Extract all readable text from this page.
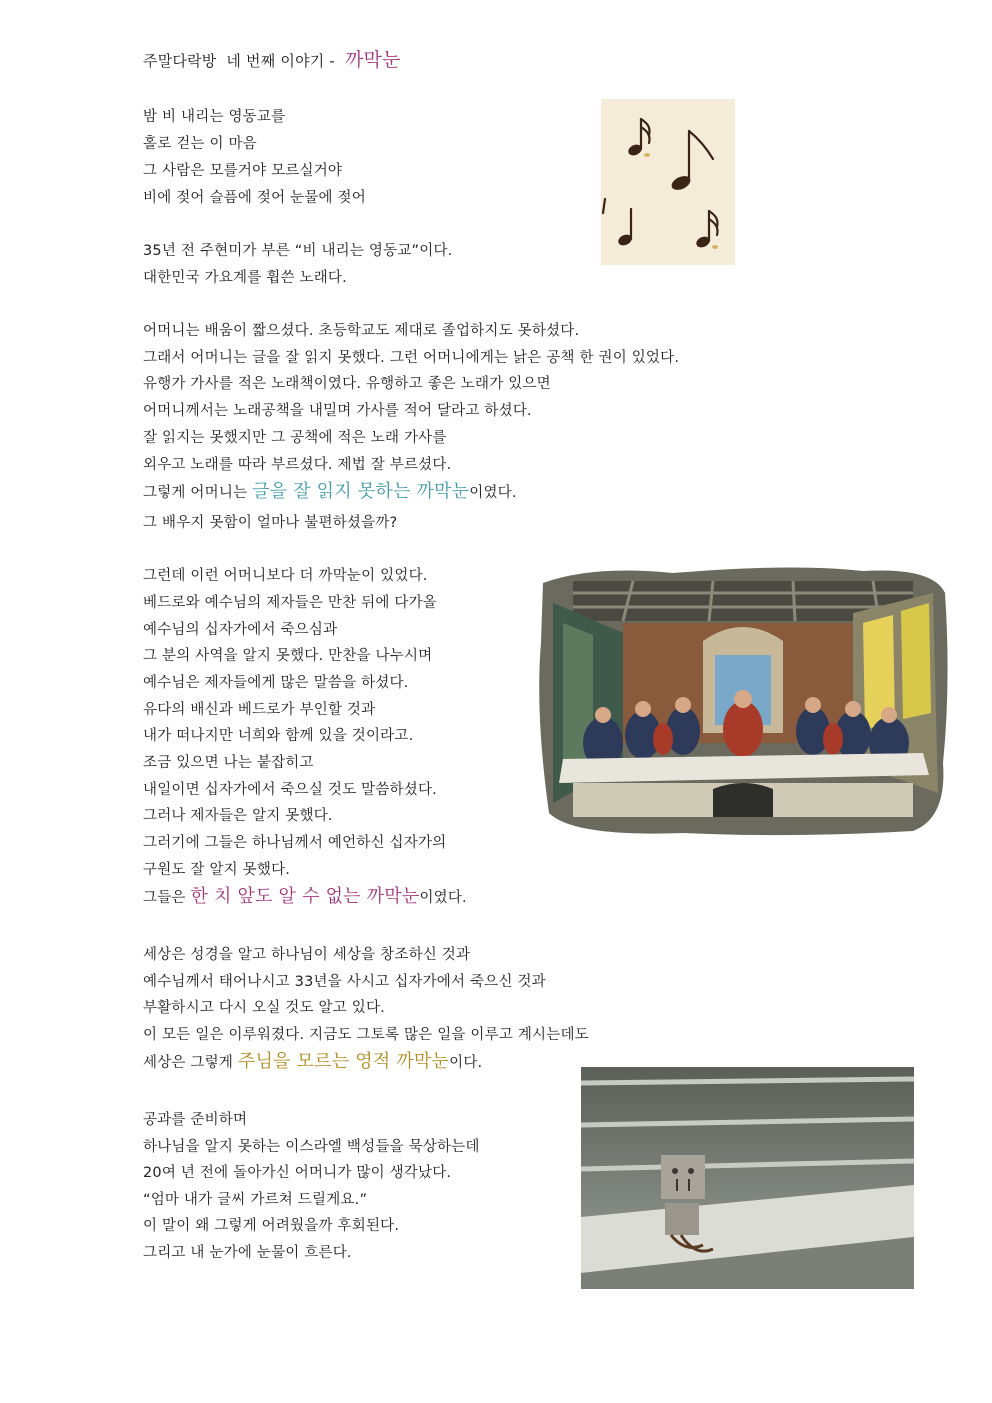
주말다락방  네 번째 이야기 -  까막눈
밤 비 내리는 영동교를
홀로 걷는 이 마음
그 사람은 모를거야 모르실거야
비에 젖어 슬픔에 젖어 눈물에 젖어
35년 전 주현미가 부른 “비 내리는 영동교”이다.
대한민국 가요계를 휩쓴 노래다.
어머니는 배움이 짧으셨다. 초등학교도 제대로 졸업하지도 못하셨다.
그래서 어머니는 글을 잘 읽지 못했다. 그런 어머니에게는 낡은 공책 한 권이 있었다.
유행가 가사를 적은 노래책이였다. 유행하고 좋은 노래가 있으면
어머니께서는 노래공책을 내밀며 가사를 적어 달라고 하셨다.
잘 읽지는 못했지만 그 공책에 적은 노래 가사를
외우고 노래를 따라 부르셨다. 제법 잘 부르셨다.
그렇게 어머니는 글을 잘 읽지 못하는 까막눈이였다.
그 배우지 못함이 얼마나 불편하셨을까?
그런데 이런 어머니보다 더 까막눈이 있었다.
베드로와 예수님의 제자들은 만찬 뒤에 다가올
예수님의 십자가에서 죽으심과
그 분의 사역을 알지 못했다. 만찬을 나누시며
예수님은 제자들에게 많은 말씀을 하셨다.
유다의 배신과 베드로가 부인할 것과
내가 떠나지만 너희와 함께 있을 것이라고.
조금 있으면 나는 붙잡히고
내일이면 십자가에서 죽으실 것도 말씀하셨다.
그러나 제자들은 알지 못했다.
그러기에 그들은 하나님께서 예언하신 십자가의
구원도 잘 알지 못했다.
그들은 한 치 앞도 알 수 없는 까막눈이였다.
세상은 성경을 알고 하나님이 세상을 창조하신 것과
예수님께서 태어나시고 33년을 사시고 십자가에서 죽으신 것과
부활하시고 다시 오실 것도 알고 있다.
이 모든 일은 이루워졌다. 지금도 그토록 많은 일을 이루고 계시는데도
세상은 그렇게 주님을 모르는 영적 까막눈이다.
공과를 준비하며
하나님을 알지 못하는 이스라엘 백성들을 묵상하는데
20여 년 전에 돌아가신 어머니가 많이 생각났다.
“엄마 내가 글씨 가르쳐 드릴게요.”
이 말이 왜 그렇게 어려웠을까 후회된다.
그리고 내 눈가에 눈물이 흐른다.
